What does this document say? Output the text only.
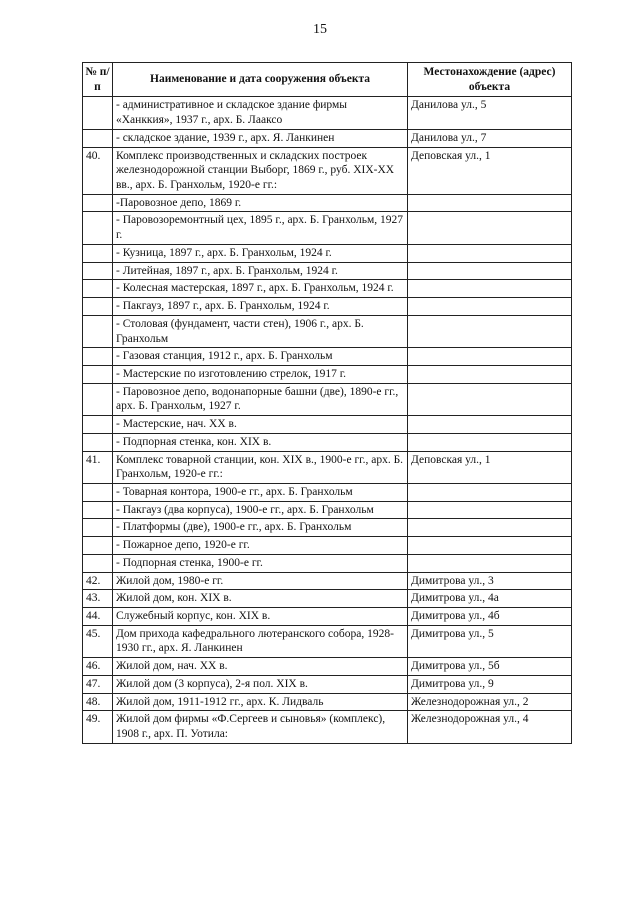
15
№ п/п	Наименование и дата сооружения объекта	Местонахождение (адрес) объекта
	- административное и складское здание фирмы «Ханккия», 1937 г., арх. Б. Лаaксо	Данилова ул., 5
	- складское здание, 1939 г., арх. Я. Ланкинен	Данилова ул., 7
40.	Комплекс производственных и складских построек железнодорожной станции Выборг, 1869 г., руб. XIX-XX вв., арх. Б. Гранхольм, 1920-е гг.:	Деповская ул., 1
	-Паровозное депо, 1869 г.	
	- Паровозоремонтный цех, 1895 г., арх. Б. Гранхольм, 1927 г.	
	- Кузница, 1897 г., арх. Б. Гранхольм, 1924 г.	
	- Литейная, 1897 г., арх. Б. Гранхольм, 1924 г.	
	- Колесная мастерская, 1897 г., арх. Б. Гранхольм, 1924 г.	
	- Пакгауз, 1897 г., арх. Б. Гранхольм, 1924 г.	
	- Столовая (фундамент, части стен), 1906 г., арх. Б. Гранхольм	
	- Газовая станция, 1912 г., арх. Б. Гранхольм	
	- Мастерские по изготовлению стрелок, 1917 г.	
	- Паровозное депо, водонапорные башни (две), 1890-е гг., арх. Б. Гранхольм, 1927 г.	
	- Мастерские, нач. XX в.	
	- Подпорная стенка, кон. XIX в.	
41.	Комплекс товарной станции, кон. XIX в., 1900-е гг., арх. Б. Гранхольм, 1920-е гг.:	Деповская ул., 1
	- Товарная контора, 1900-е гг., арх. Б. Гранхольм	
	- Пакгауз (два корпуса), 1900-е гг., арх. Б. Гранхольм	
	- Платформы (две), 1900-е гг., арх. Б. Гранхольм	
	- Пожарное депо, 1920-е гг.	
	- Подпорная стенка, 1900-е гг.	
42.	Жилой дом, 1980-е гг.	Димитрова ул., 3
43.	Жилой дом, кон. XIX в.	Димитрова ул., 4а
44.	Служебный корпус, кон. XIX в.	Димитрова ул., 4б
45.	Дом прихода кафедрального лютеранского собора, 1928-1930 гг., арх. Я. Ланкинен	Димитрова ул., 5
46.	Жилой дом, нач. XX в.	Димитрова ул., 5б
47.	Жилой дом (3 корпуса), 2-я пол. XIX в.	Димитрова ул., 9
48.	Жилой дом, 1911-1912 гг., арх. К. Лидваль	Железнодорожная ул., 2
49.	Жилой дом фирмы «Ф.Сергеев и сыновья» (комплекс), 1908 г., арх. П. Уотила:	Железнодорожная ул., 4
